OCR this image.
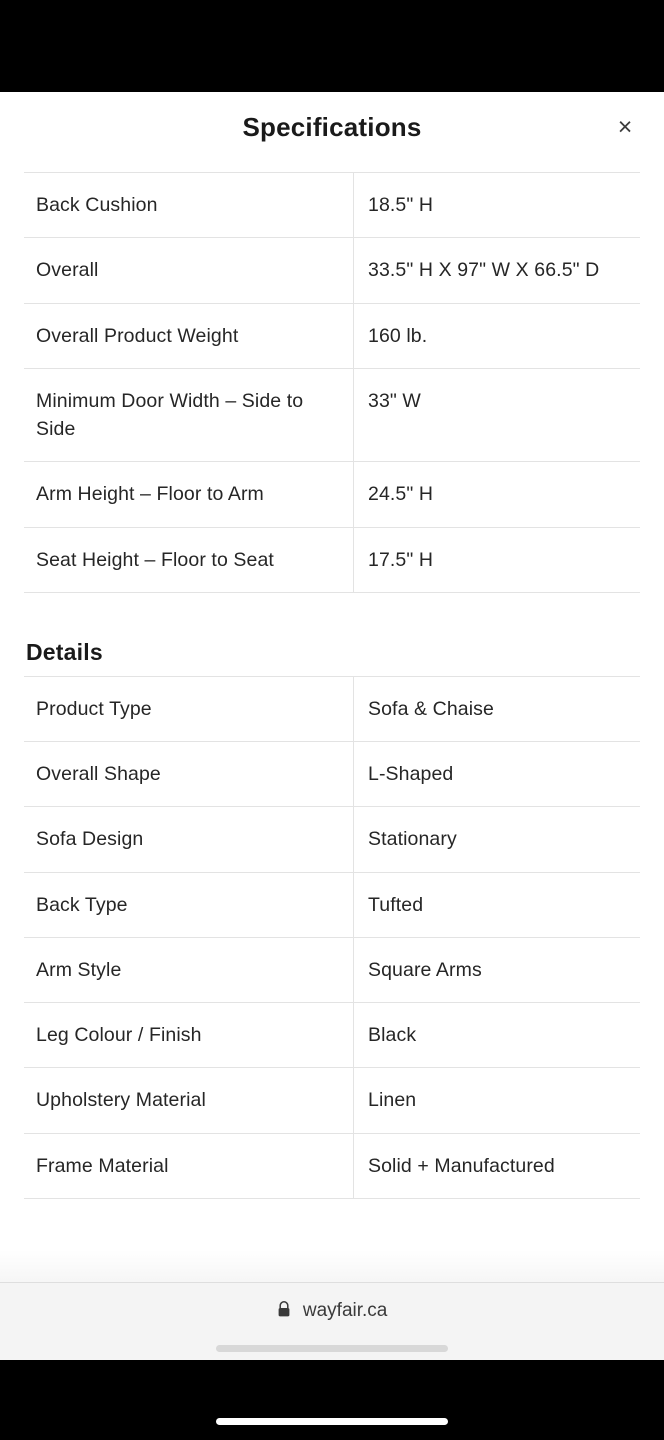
Specifications	×
Back Cushion	18.5" H
Overall	33.5" H X 97" W X 66.5" D
Overall Product Weight	160 lb.
Minimum Door Width – Side to Side	33" W
Arm Height – Floor to Arm	24.5" H
Seat Height – Floor to Seat	17.5" H
Details
Product Type	Sofa & Chaise
Overall Shape	L-Shaped
Sofa Design	Stationary
Back Type	Tufted
Arm Style	Square Arms
Leg Colour / Finish	Black
Upholstery Material	Linen
Frame Material	Solid + Manufactured
wayfair.ca
